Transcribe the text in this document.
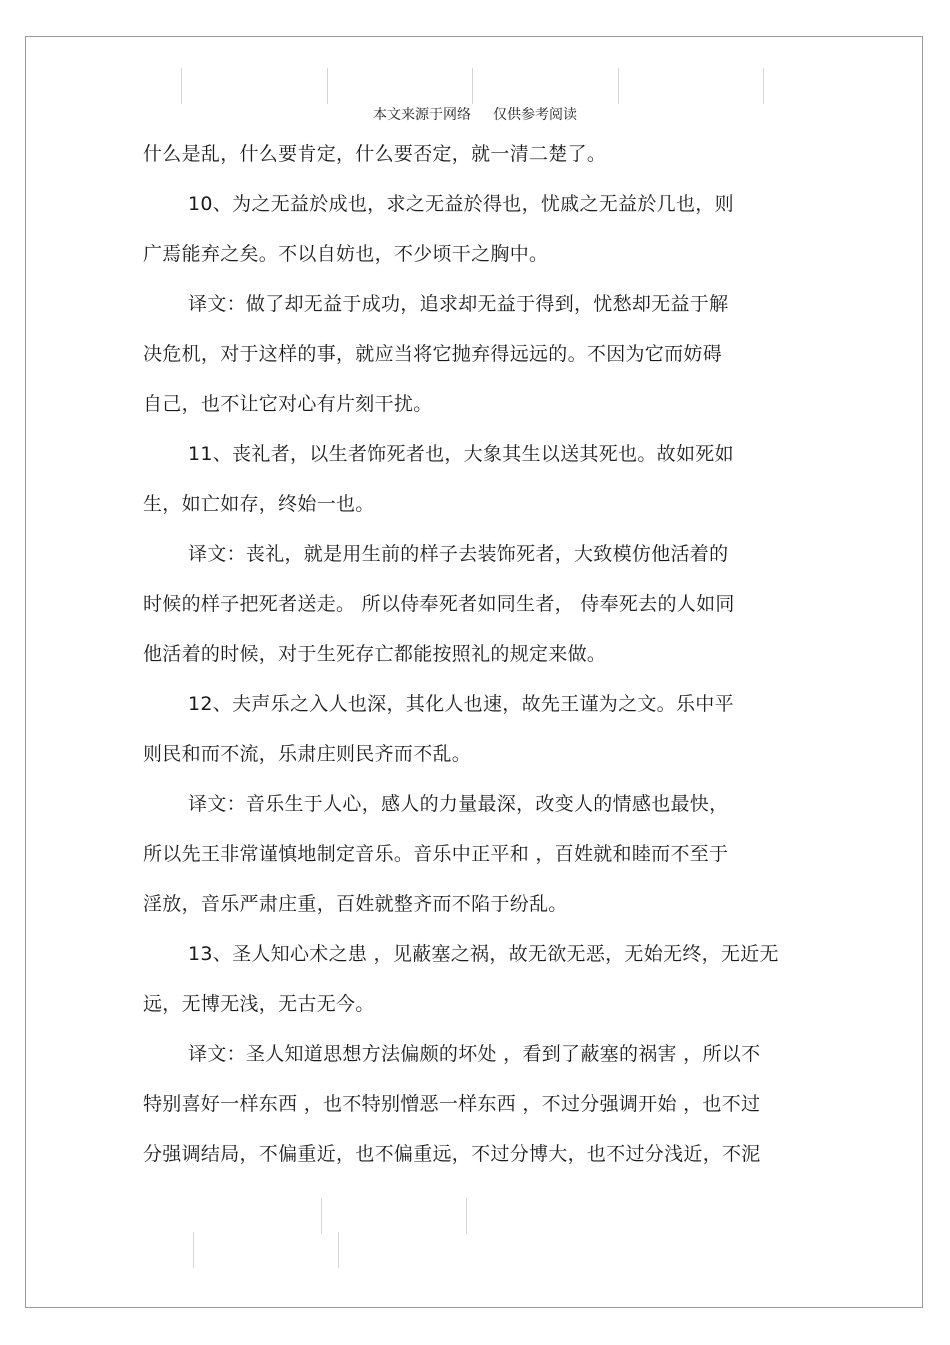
本文来源于网络 仅供参考阅读
什么是乱，什么要肯定，什么要否定，就一清二楚了。
10、为之无益於成也，求之无益於得也，忧戚之无益於几也，则
广焉能弃之矣。不以自妨也，不少顷干之胸中。
译文：做了却无益于成功，追求却无益于得到，忧愁却无益于解
决危机，对于这样的事，就应当将它抛弃得远远的。不因为它而妨碍
自己，也不让它对心有片刻干扰。
11、丧礼者，以生者饰死者也，大象其生以送其死也。故如死如
生，如亡如存，终始一也。
译文：丧礼，就是用生前的样子去装饰死者，大致模仿他活着的
时候的样子把死者送走。 所以侍奉死者如同生者， 侍奉死去的人如同
他活着的时候，对于生死存亡都能按照礼的规定来做。
12、夫声乐之入人也深，其化人也速，故先王谨为之文。乐中平
则民和而不流，乐肃庄则民齐而不乱。
译文：音乐生于人心，感人的力量最深，改变人的情感也最快，
所以先王非常谨慎地制定音乐。音乐中正平和 ，百姓就和睦而不至于
淫放，音乐严肃庄重，百姓就整齐而不陷于纷乱。
13、圣人知心术之患 ，见蔽塞之祸，故无欲无恶，无始无终，无近无
远，无博无浅，无古无今。
译文：圣人知道思想方法偏颇的坏处 ，看到了蔽塞的祸害 ，所以不
特别喜好一样东西 ，也不特别憎恶一样东西 ，不过分强调开始 ，也不过
分强调结局，不偏重近，也不偏重远，不过分博大，也不过分浅近，不泥
